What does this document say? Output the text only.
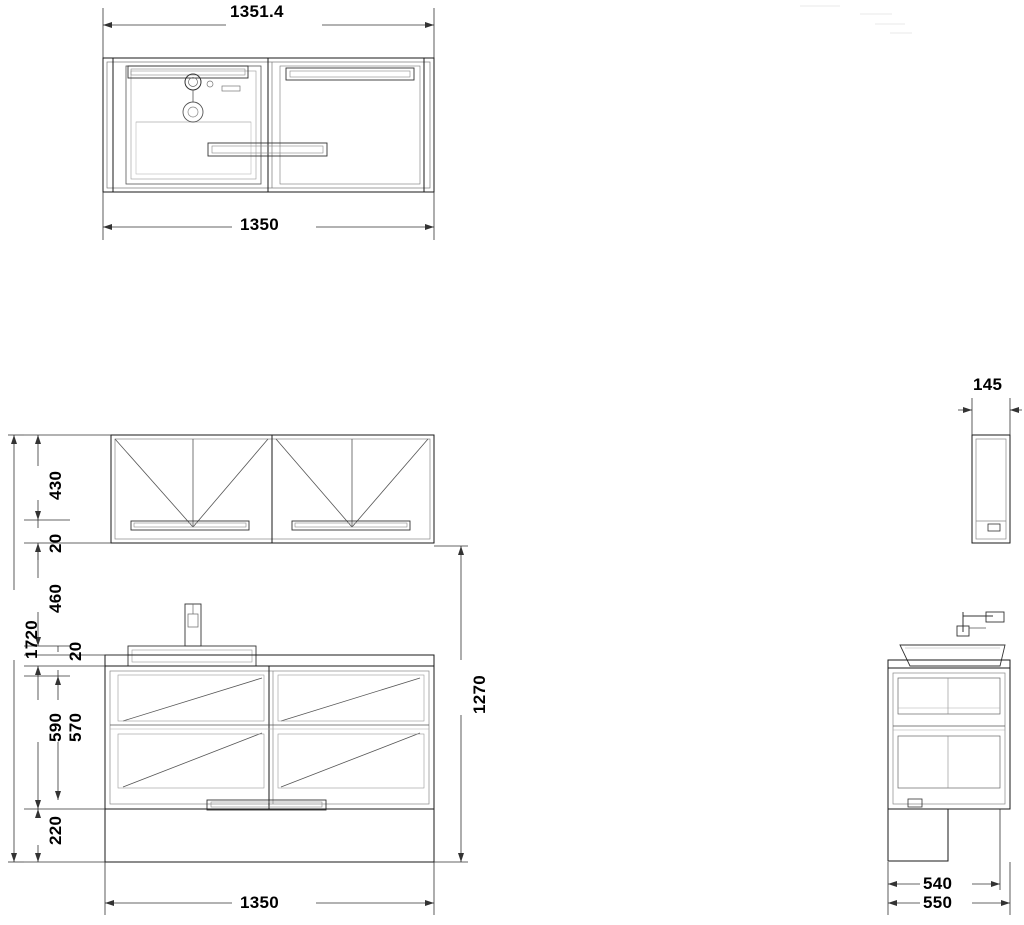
1351.4
1350
430
20
460
20
1720
590 570
220
1270
1350
145
540
550
